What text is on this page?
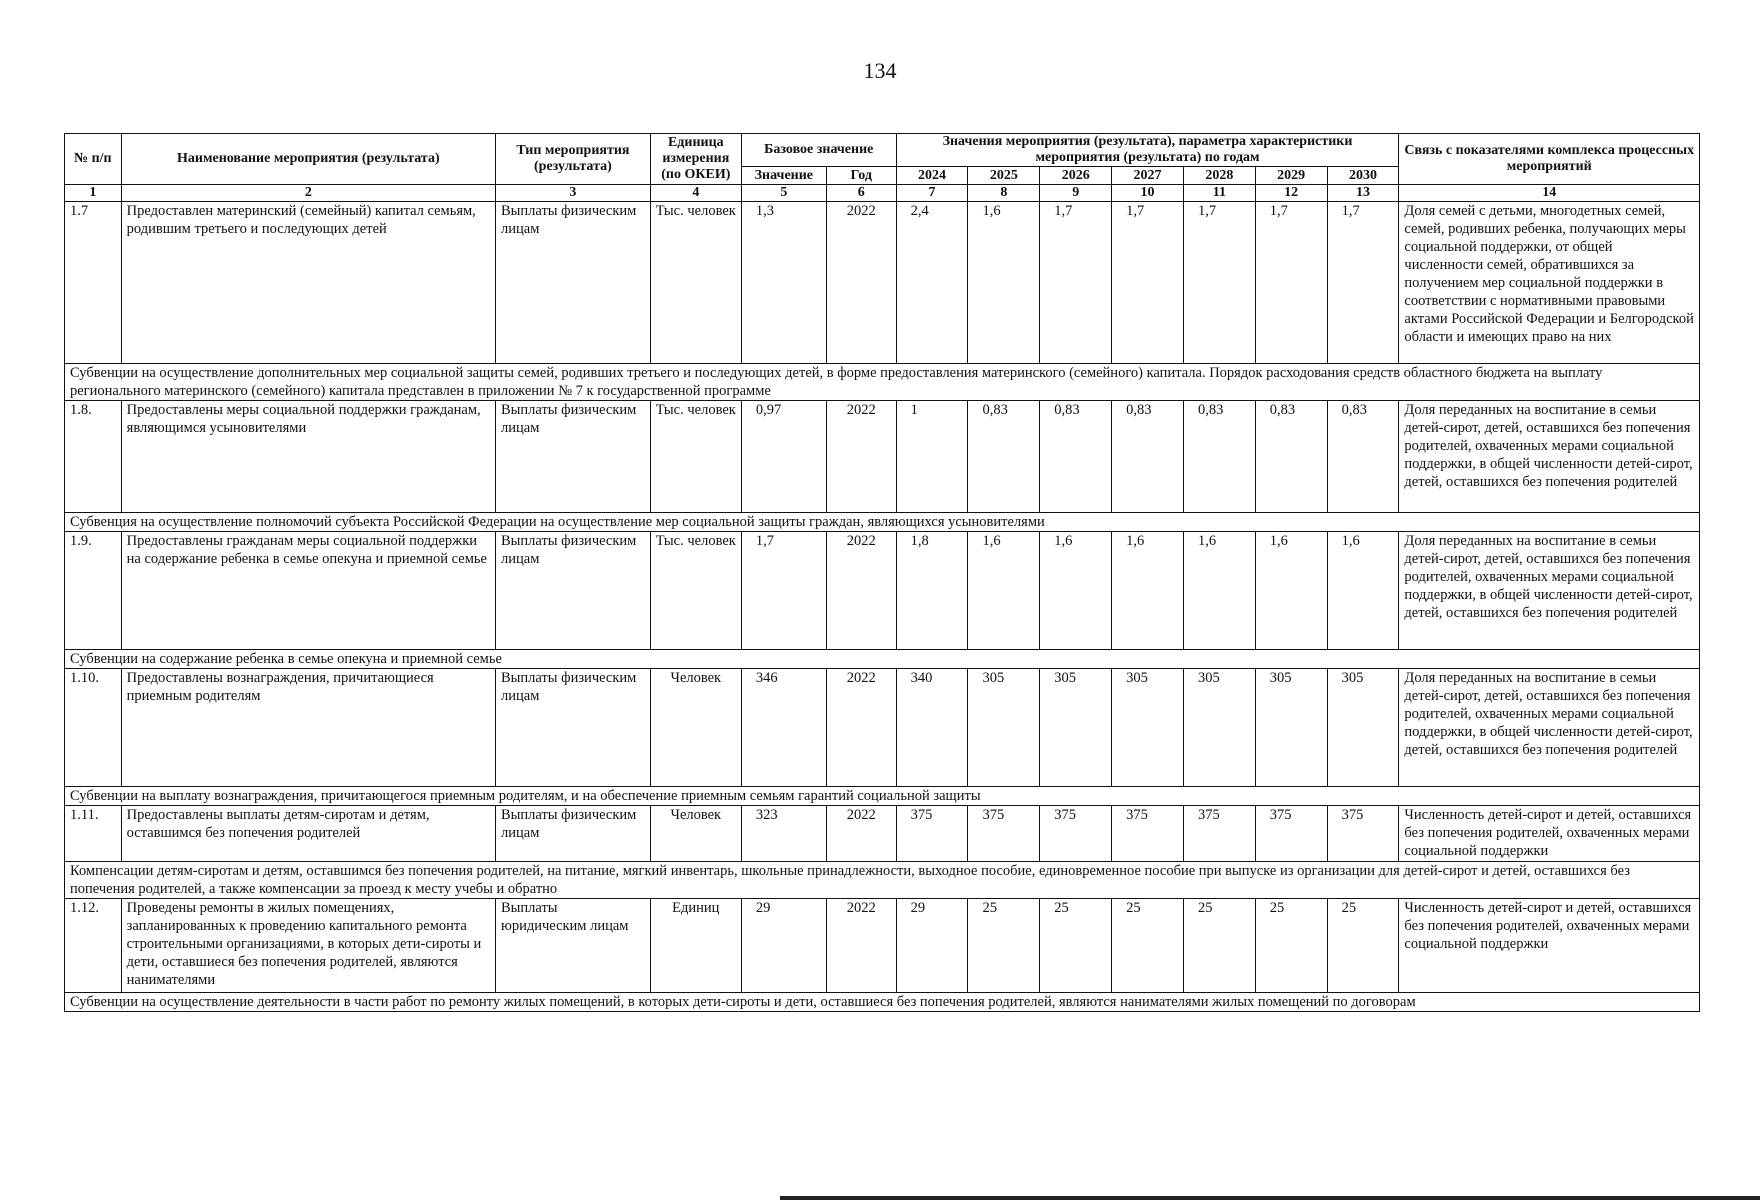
134
№ п/п	Наименование мероприятия (результата)	Тип мероприятия (результата)	Единица измерения (по ОКЕИ)	Базовое значение		Значения мероприятия (результата), параметра характеристики мероприятия (результата) по годам							Связь с показателями комплекса процессных мероприятий
				Значение	Год	2024	2025	2026	2027	2028	2029	2030	
1	2	3	4	5	6	7	8	9	10	11	12	13	14
1.7	Предоставлен материнский (семейный) капитал семьям, родившим третьего и последующих детей	Выплаты физическим лицам	Тыс. человек	1,3	2022	2,4	1,6	1,7	1,7	1,7	1,7	1,7	Доля семей с детьми, многодетных семей, семей, родивших ребенка, получающих меры социальной поддержки, от общей численности семей, обратившихся за получением мер социальной поддержки в соответствии с нормативными правовыми актами Российской Федерации и Белгородской области и имеющих право на них
Субвенции на осуществление дополнительных мер социальной защиты семей, родивших третьего и последующих детей, в форме предоставления материнского (семейного) капитала. Порядок расходования средств областного бюджета на выплату регионального материнского (семейного) капитала представлен в приложении № 7 к государственной программе													
1.8.	Предоставлены меры социальной поддержки гражданам, являющимся усыновителями	Выплаты физическим лицам	Тыс. человек	0,97	2022	1	0,83	0,83	0,83	0,83	0,83	0,83	Доля переданных на воспитание в семьи детей-сирот, детей, оставшихся без попечения родителей, охваченных мерами социальной поддержки, в общей численности детей-сирот, детей, оставшихся без попечения родителей
Субвенция на осуществление полномочий субъекта Российской Федерации на осуществление мер социальной защиты граждан, являющихся усыновителями													
1.9.	Предоставлены гражданам меры социальной поддержки на содержание ребенка в семье опекуна и приемной семье	Выплаты физическим лицам	Тыс. человек	1,7	2022	1,8	1,6	1,6	1,6	1,6	1,6	1,6	Доля переданных на воспитание в семьи детей-сирот, детей, оставшихся без попечения родителей, охваченных мерами социальной поддержки, в общей численности детей-сирот, детей, оставшихся без попечения родителей
Субвенции на содержание ребенка в семье опекуна и приемной семье													
1.10.	Предоставлены вознаграждения, причитающиеся приемным родителям	Выплаты физическим лицам	Человек	346	2022	340	305	305	305	305	305	305	Доля переданных на воспитание в семьи детей-сирот, детей, оставшихся без попечения родителей, охваченных мерами социальной поддержки, в общей численности детей-сирот, детей, оставшихся без попечения родителей
Субвенции на выплату вознаграждения, причитающегося приемным родителям, и на обеспечение приемным семьям гарантий социальной защиты													
1.11.	Предоставлены выплаты детям-сиротам и детям, оставшимся без попечения родителей	Выплаты физическим лицам	Человек	323	2022	375	375	375	375	375	375	375	Численность детей-сирот и детей, оставшихся без попечения родителей, охваченных мерами социальной поддержки
Компенсации детям-сиротам и детям, оставшимся без попечения родителей, на питание, мягкий инвентарь, школьные принадлежности, выходное пособие, единовременное пособие при выпуске из организации для детей-сирот и детей, оставшихся без попечения родителей, а также компенсации за проезд к месту учебы и обратно													
1.12.	Проведены ремонты в жилых помещениях, запланированных к проведению капитального ремонта строительными организациями, в которых дети-сироты и дети, оставшиеся без попечения родителей, являются нанимателями	Выплаты юридическим лицам	Единиц	29	2022	29	25	25	25	25	25	25	Численность детей-сирот и детей, оставшихся без попечения родителей, охваченных мерами социальной поддержки
Субвенции на осуществление деятельности в части работ по ремонту жилых помещений, в которых дети-сироты и дети, оставшиеся без попечения родителей, являются нанимателями жилых помещений по договорам													
